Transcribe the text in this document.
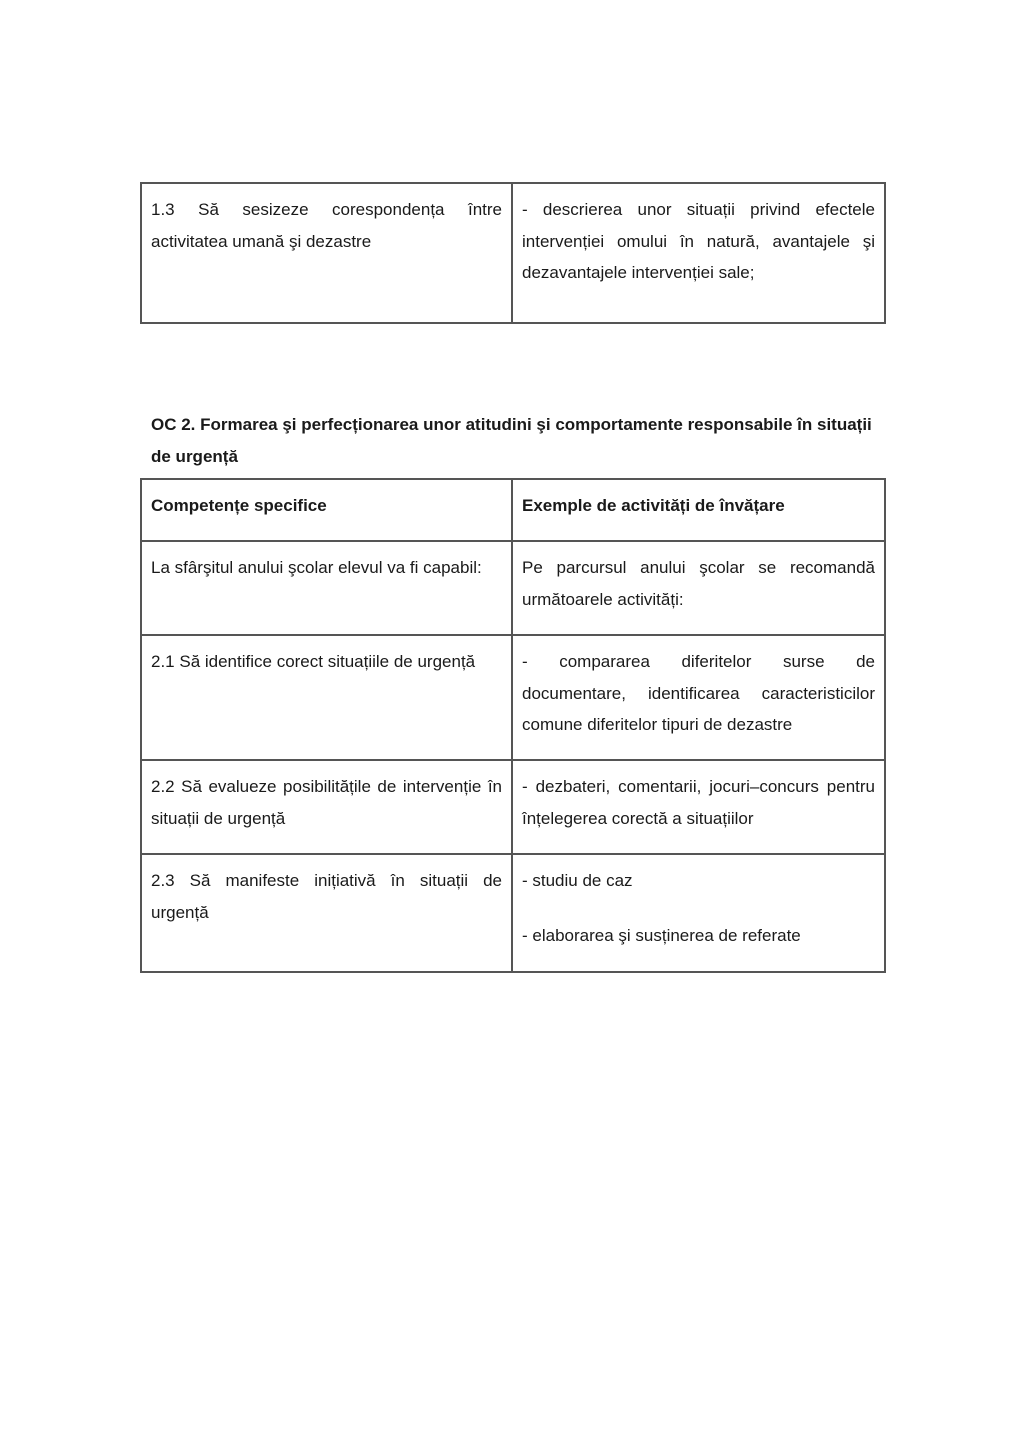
1.3 Să sesizeze corespondența între activitatea umană şi dezastre	- descrierea unor situații privind efectele intervenției omului în natură, avantajele şi dezavantajele intervenției sale;
OC 2. Formarea şi perfecționarea unor atitudini şi comportamente responsabile în situații de urgență
Competențe specifice	Exemple de activități de învățare
La sfârşitul anului şcolar elevul va fi capabil:	Pe parcursul anului şcolar se recomandă următoarele activități:
2.1 Să identifice corect situațiile de urgență	- compararea diferitelor surse de documentare, identificarea caracteristicilor comune diferitelor tipuri de dezastre
2.2 Să evalueze posibilitățile de intervenție în situații de urgență	- dezbateri, comentarii, jocuri–concurs pentru înțelegerea corectă a situațiilor
2.3 Să manifeste inițiativă în situații de urgență	- studiu de caz
- elaborarea şi susținerea de referate
